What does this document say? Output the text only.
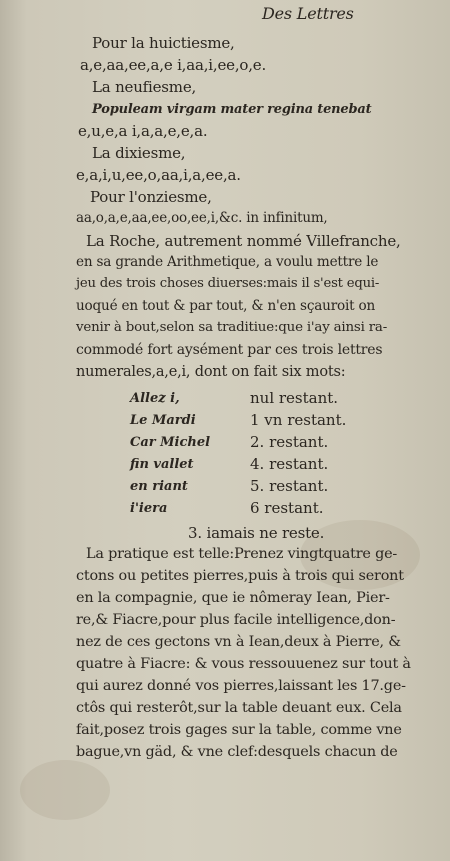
Des Lettres
Pour la huictiesme,
a,e,aa,ee,a,e i,aa,i,ee,o,e.
La neufiesme,
Populeam virgam mater regina tenebat
e,u,e,a i,a,a,e,e,a.
La dixiesme,
e,a,i,u,ee,o,aa,i,a,ee,a.
Pour l'onziesme,
aa,o,a,e,aa,ee,oo,ee,i,&c. in infinitum,
La Roche, autrement nommé Villefranche,
en sa grande Arithmetique, a voulu mettre le
jeu des trois choses diuerses:mais il s'est equi-
uoqué en tout & par tout, & n'en sçauroit on
venir à bout,selon sa traditiue:que i'ay ainsi ra-
commodé fort aysément par ces trois lettres
numerales,a,e,i, dont on fait six mots:
Allez i,	nul restant.
Le Mardi	1 vn restant.
Car Michel	2. restant.
fin vallet	4. restant.
en riant	5. restant.
i'iera	6 restant.
3. iamais ne reste.
La pratique est telle:Prenez vingtquatre ge-
ctons ou petites pierres,puis à trois qui seront
en la compagnie, que ie nômeray Iean, Pier-
re,& Fiacre,pour plus facile intelligence,don-
nez de ces gectons vn à Iean,deux à Pierre, &
quatre à Fiacre: & vous ressouuenez sur tout à
qui aurez donné vos pierres,laissant les 17.ge-
ctôs qui resterôt,sur la table deuant eux. Cela
fait,posez trois gages sur la table, comme vne
bague,vn gäd, & vne clef:desquels chacun de
